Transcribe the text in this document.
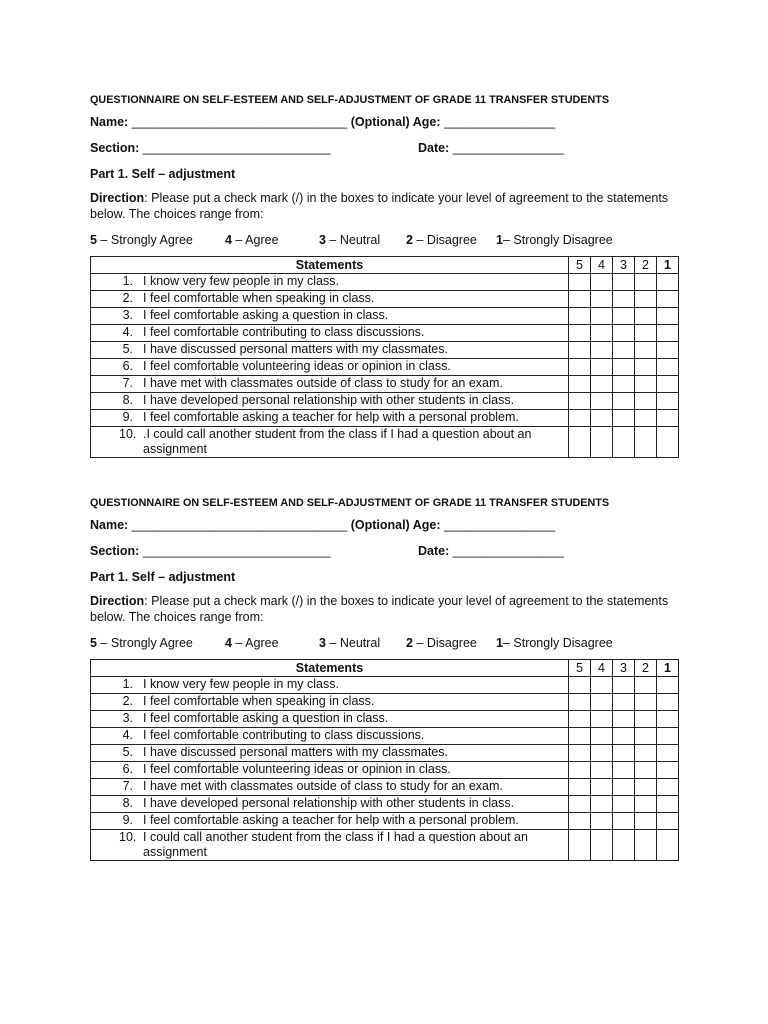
QUESTIONNAIRE ON SELF-ESTEEM AND SELF-ADJUSTMENT OF GRADE 11 TRANSFER STUDENTS
Name: _______________________________ (Optional) Age: ________________
Section: ___________________________	Date: ________________
Part 1. Self – adjustment
Direction: Please put a check mark (/) in the boxes to indicate your level of agreement to the statements below. The choices range from:
5 – Strongly Agree	4 – Agree	3 – Neutral 2 – Disagree 1– Strongly Disagree
Statements	5	4	3	2	1

1. I know very few people in my class.					

2. I feel comfortable when speaking in class.					

3. I feel comfortable asking a question in class.					

4. I feel comfortable contributing to class discussions.					

5. I have discussed personal matters with my classmates.					

6. I feel comfortable volunteering ideas or opinion in class.					

7. I have met with classmates outside of class to study for an exam.					

8. I have developed personal relationship with other students in class.					

9. I feel comfortable asking a teacher for help with a personal problem.					

10. .I could call another student from the class if I had a question about an assignment					

QUESTIONNAIRE ON SELF-ESTEEM AND SELF-ADJUSTMENT OF GRADE 11 TRANSFER STUDENTS
Name: _______________________________ (Optional) Age: ________________
Section: ___________________________	Date: ________________
Part 1. Self – adjustment
Direction: Please put a check mark (/) in the boxes to indicate your level of agreement to the statements below. The choices range from:
5 – Strongly Agree	4 – Agree	3 – Neutral 2 – Disagree 1– Strongly Disagree
Statements	5	4	3	2	1

1. I know very few people in my class.					

2. I feel comfortable when speaking in class.					

3. I feel comfortable asking a question in class.					

4. I feel comfortable contributing to class discussions.					

5. I have discussed personal matters with my classmates.					

6. I feel comfortable volunteering ideas or opinion in class.					

7. I have met with classmates outside of class to study for an exam.					

8. I have developed personal relationship with other students in class.					

9. I feel comfortable asking a teacher for help with a personal problem.					

10. I could call another student from the class if I had a question about an assignment					
